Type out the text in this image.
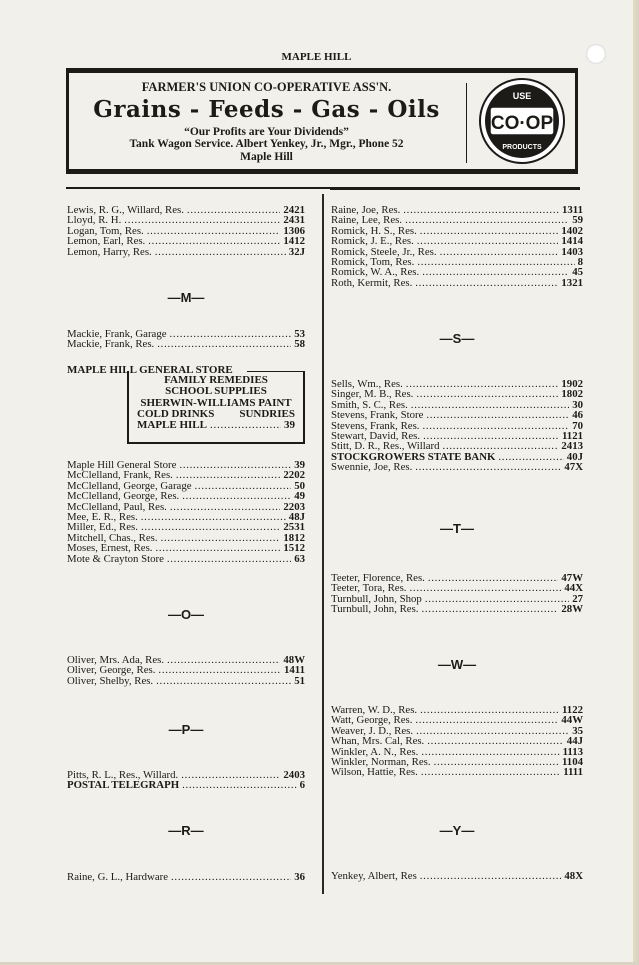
MAPLE HILL
FARMER'S UNION CO-OPERATIVE ASS'N.
Grains - Feeds - Gas - Oils
“Our Profits are Your Dividends”
Tank Wagon Service. Albert Yenkey, Jr., Mgr., Phone 52
Maple Hill
CO·OP
USE
PRODUCTS
—M—
—O—
—P—
—R—
—S—
—T—
—W—
—Y—
Lewis, R. G., Willard, Res. . . .	2421
Lloyd, R. H. . . .	2431
Logan, Tom, Res. . . .	1306
Lemon, Earl, Res. . . .	1412
Lemon, Harry, Res. . . .	32J
Mackie, Frank, Garage . . .	53
Mackie, Frank, Res. . . .	58
Maple Hill General Store . . .	39
McClelland, Frank, Res. . . .	2202
McClelland, George, Garage . . .	50
McClelland, George, Res. . . .	49
McClelland, Paul, Res. . . .	2203
Mee, E. R., Res. . . .	48J
Miller, Ed., Res. . . .	2531
Mitchell, Chas., Res. . . .	1812
Moses, Ernest, Res. . . .	1512
Mote & Crayton Store . . .	63
Oliver, Mrs. Ada, Res. . . .	48W
Oliver, George, Res. . . .	1411
Oliver, Shelby, Res. . . .	51
Pitts, R. L., Res., Willard. . . .	2403
POSTAL TELEGRAPH . . .	6
Raine, G. L., Hardware . . .	36
Raine, Joe, Res. . . .	1311
Raine, Lee, Res. . . .	59
Romick, H. S., Res. . . .	1402
Romick, J. E., Res. . . .	1414
Romick, Steele, Jr., Res. . . .	1403
Romick, Tom, Res. . . .	8
Romick, W. A., Res. . . .	45
Roth, Kermit, Res. . . .	1321
Sells, Wm., Res. . . .	1902
Singer, M. B., Res. . . .	1802
Smith, S. C., Res. . . .	30
Stevens, Frank, Store . . .	46
Stevens, Frank, Res. . . .	70
Stewart, David, Res. . . .	1121
Stitt, D. R., Res., Willard . . .	2413
STOCKGROWERS STATE BANK . . .	40J
Swennie, Joe, Res. . . .	47X
Teeter, Florence, Res. . . .	47W
Teeter, Tora, Res. . . .	44X
Turnbull, John, Shop . . .	27
Turnbull, John, Res. . . .	28W
Warren, W. D., Res. . . .	1122
Watt, George, Res. . . .	44W
Weaver, J. D., Res. . . .	35
Whan, Mrs. Cal, Res. . . .	44J
Winkler, A. N., Res. . . .	1113
Winkler, Norman, Res. . . .	1104
Wilson, Hattie, Res. . . .	1111
Yenkey, Albert, Res . . .	48X
MAPLE HILL GENERAL STORE
FAMILY REMEDIES
SCHOOL SUPPLIES
SHERWIN-WILLIAMS PAINT
COLD DRINKS SUNDRIES
MAPLE HILL . . .	39
